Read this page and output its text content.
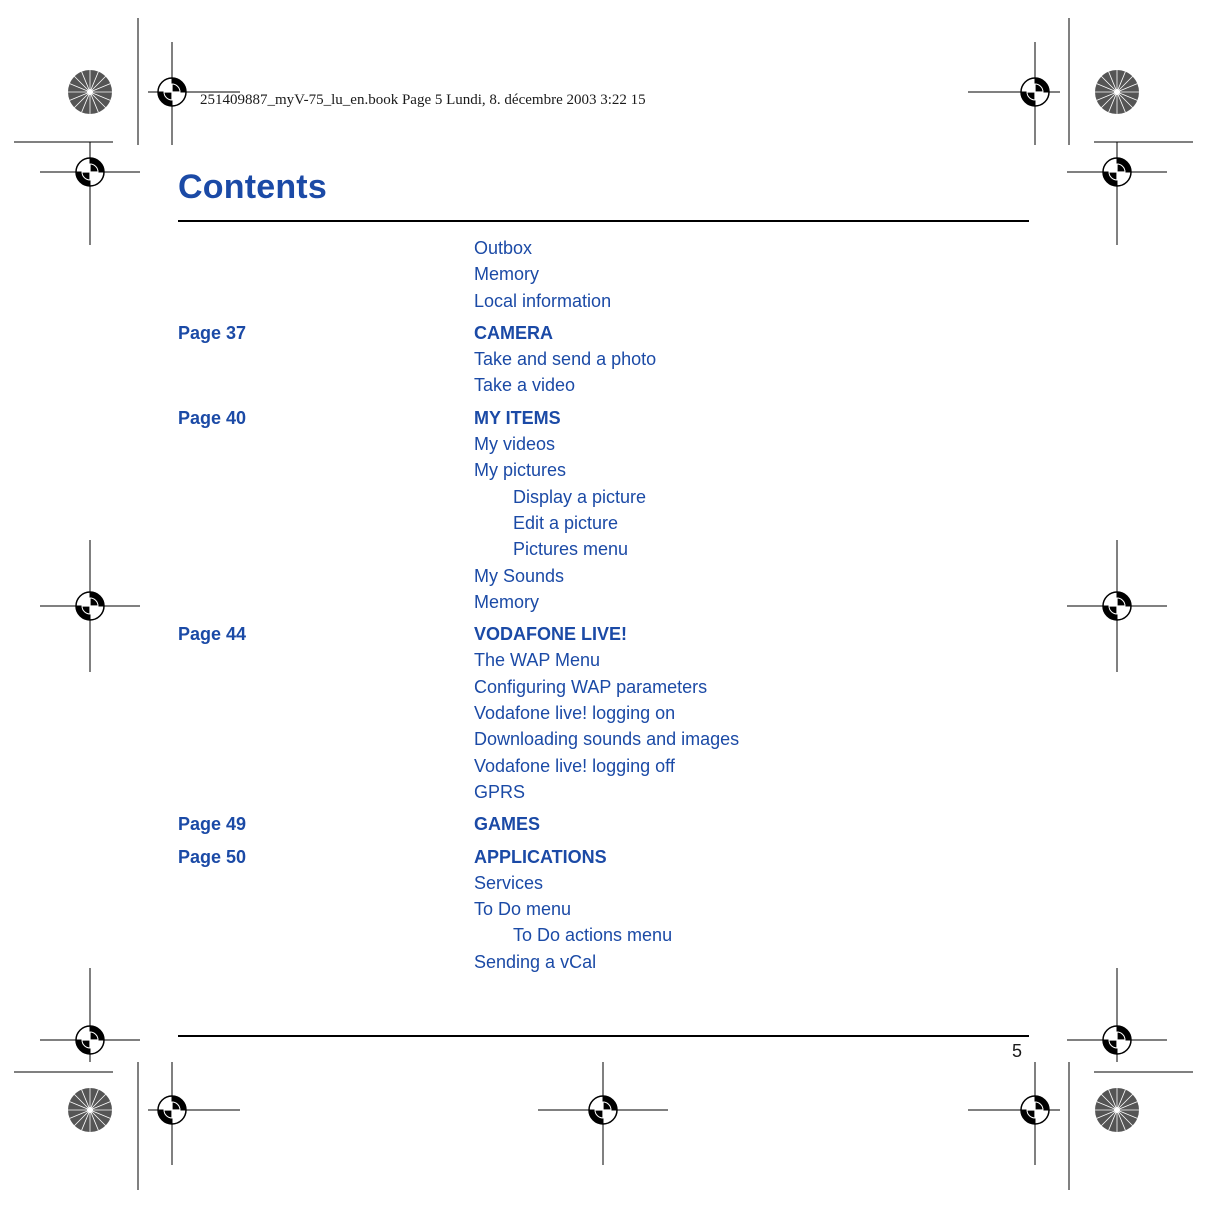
251409887_myV-75_lu_en.book Page 5 Lundi, 8. décembre 2003 3:22 15
Contents
Outbox
Memory
Local information
Page 37	CAMERA
Take and send a photo
Take a video
Page 40	MY ITEMS
My videos
My pictures
Display a picture
Edit a picture
Pictures menu
My Sounds
Memory
Page 44	VODAFONE LIVE!
The WAP Menu
Configuring WAP parameters
Vodafone live! logging on
Downloading sounds and images
Vodafone live! logging off
GPRS
Page 49	GAMES
Page 50	APPLICATIONS
Services
To Do menu
To Do actions menu
Sending a vCal
5
